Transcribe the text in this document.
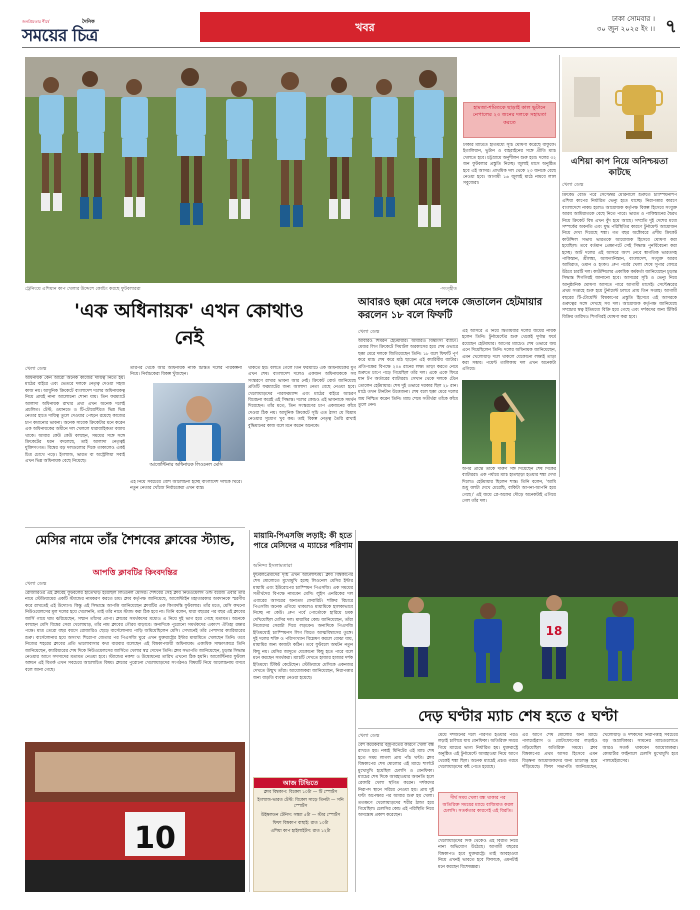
জনপ্রিয়তার শীর্ষে	দৈনিক
সময়ের চিত্র	খবর
ঢাকা সোমবার ।
৩০ জুন ২০২৫ ইং ।। ৭
ট্রেনিংয়ে এশিয়ান কাপ খেলার উদ্দেশে কোচিং করছে ফুটবলাররা	-সংগৃহীত
হামজা-শমিতকে ছাড়াই কাল ভুটানে নেপালের ২৩ জনের দলকে সহায়তা করতে
ঢাকার মাটিতে ইতিমধ্যে সূচি ঘোষণা করেছে বাফুফে। ইতালিয়ান, ভুটান ও বাহরাইনের সঙ্গে প্রীতি ম্যাচ খেলতে হবে। চট্টগ্রামে অনুশীলন শুরু হবে। দলের ৩২ জন ফুটবলার প্রস্তুতি নিচ্ছে। জুলাই মাসে অনুষ্ঠিত হবে এই আসর। প্রাথমিক দল থেকে ২৩ জনকে বেছে নেওয়া হবে। আগামী ১৬ জুলাই মাঠে নামবে লাল সবুজেরা।
এশিয়া কাপ নিয়ে অনিশ্চয়তা কাটছে
খেলা ডেস্ক
ক্রিকেট বোর্ড পরে সেপ্টেম্বর মেরিনালে শুরুতে চ্যাম্পিয়নশিপ এশিয়া কাপের নির্ধারিত ভেন্যু হতে যাচ্ছে। নিরাপত্তার কারণে বাংলাদেশে নাকচ হলেও আয়োজক কর্তৃপক্ষ বিকল্প হিসেবে সংযুক্ত আরব আমিরাতকে বেছে নিতে পারে। ভারত ও পাকিস্তানের দ্বৈরথ নিয়ে ক্রিকেট বিশ্ব এখন বুঁদ হয়ে আছে। সম্প্রতি দুই দেশের মধ্যে সম্পর্কের অবনতি এবং যুদ্ধ পরিস্থিতির কারণে টুর্নামেন্ট আয়োজন নিয়ে দেখা দিয়েছে শঙ্কা। গত বছর অক্টোবরে এশীয় ক্রিকেট কাউন্সিল সভায় ভারতকে আয়োজক হিসেবে ঘোষণা করা হয়েছিল। তবে বর্তমান প্রেক্ষাপটে সেই সিদ্ধান্ত পুনর্বিবেচনা করা হচ্ছে। আট দলের এই আসরে অংশ নেবে স্বাগতিক ভারতসহ পাকিস্তান, শ্রীলঙ্কা, আফগানিস্তান, বাংলাদেশ, সংযুক্ত আরব আমিরাত, ওমান ও হংকং। গ্রুপ পর্বের খেলা শেষে সুপার ফোরে উঠবে চারটি দল। কাউন্সিলের একাধিক কর্মকর্তা জানিয়েছেন চূড়ান্ত সিদ্ধান্ত শিগগিরই জানানো হবে। আসরের সূচি ও ভেন্যু নিয়ে আনুষ্ঠানিক ঘোষণা আসতে পারে আগামী মাসেই। সেপ্টেম্বরের প্রথম সপ্তাহে শুরু হয়ে টুর্নামেন্ট চলবে প্রায় তিন সপ্তাহ। আগামী বছরের টি-টোয়েন্টি বিশ্বকাপের প্রস্তুতি হিসেবে এই আসরকে গুরুত্বের সঙ্গে দেখছে সব দল। আয়োজক কর্তৃপক্ষ জানিয়েছে সম্প্রচার স্বত্ব ইতিমধ্যে বিক্রি হয়ে গেছে এবং দর্শকদের জন্য টিকিট বিক্রির তারিখও শিগগিরই ঘোষণা করা হবে।
'এক অধিনায়ক' এখন কোথাও নেই
খেলা ডেস্ক
অধিনায়ক কেন আরো অনেক কাজের দায়িত্ব নিতে হয়। মাঠের বাইরে এবং ভেতরে দলকে নেতৃত্ব দেওয়া সহজ কাজ নয়। আধুনিক ক্রিকেটে বাংলাদেশ দলের অধিনায়কত্ব নিয়ে প্রায়ই নানা আলোচনা শোনা যায়। তিন ফরম্যাটে আলাদা অধিনায়ক রাখার প্রথা এখন অনেক দলেই প্রচলিত। টেস্ট, ওয়ানডে ও টি-টোয়েন্টিতে ভিন্ন ভিন্ন নেতার হাতে দায়িত্ব তুলে দেওয়ার পেছনে রয়েছে কাজের চাপ কমানোর ভাবনা। অনেক সাবেক ক্রিকেটার মনে করেন এক অধিনায়কের অধীনে দল খেললে ধারাবাহিকতা বজায় থাকে। আবার কেউ কেউ বলছেন, সময়ের সঙ্গে সঙ্গে ক্রিকেটের ধরন বদলেছে, তাই আলাদা নেতৃত্বই যুক্তিসংগত। বিশ্বের বড় দলগুলোর দিকে তাকালেও একই চিত্র চোখে পড়ে। ইংল্যান্ড, ভারত বা অস্ট্রেলিয়া সবাই এখন ভিন্ন অধিনায়ক বেছে নিয়েছে।
তারপর থেকে আর অধিনায়ক নাকি চিন্তিত দলের পরিকল্পনা নিয়ে। নির্বাচকেরা বিকল্প খুঁজছেন।
আর্জেন্টিনার অধিনায়ক লিওনেল মেসি
এই নিয়ে সবচেয়ে বেশি আলোচনা হচ্ছে বাংলাদেশ দলকে ঘিরে। নতুন নেতার খোঁজে নির্বাচকেরা এখন ব্যস্ত।
থাকতে হয়। বলতে গেলে তিন ফরম্যাটে এক অধিনায়কের যুগ এখন শেষ। বাংলাদেশ দলেও একজন অধিনায়ককে সব সংস্করণে রাখার ভাবনা আর নেই। ক্রিকেট বোর্ড জানিয়েছে প্রতিটি ফরম্যাটের জন্য আলাদা নেতা বেছে নেওয়া হবে। খেলোয়াড়দের পারফরম্যান্স এবং মাঠের বাইরে আচরণ বিবেচনা করেই এই সিদ্ধান্ত। দলের কোচও এই ভাবনাকে সমর্থন দিয়েছেন। তাঁর মতে, তিন সংস্করণের চাপ একজনের কাঁধে দেওয়া ঠিক নয়। আধুনিক ক্রিকেটে সূচি এত ঠাসা যে বিশ্রাম নেওয়ার সুযোগ খুব কম। তাই বিকল্প নেতৃত্ব তৈরি রাখাই বুদ্ধিমানের কাজ বলে মনে করেন অনেকে।
আবারও ছক্কা মেরে দলকে জেতালেন হেটমায়ার করলেন ১৮ বলে ফিফটি
খেলা ডেস্ক
আবারও শিমরন হেটমায়ার। আবারও বিধ্বংসী ব্যাটিং। মেজর লিগ ক্রিকেটে সিয়াটল অরকাসের হয়ে শেষ ওভারে ছক্কা মেরে দলকে জিতিয়েছেন তিনি। ১৮ বলে ফিফটি পূর্ণ করে ম্যাচ শেষ করে মাঠ ছাড়েন এই ক্যারিবীয় ব্যাটার। প্রতিপক্ষের বিপক্ষে ২০৪ রানের লক্ষ্য তাড়া করতে নেমে শুরুতে চাপে পড়ে গিয়েছিল তাঁর দল। একে একে ফিরে যান টপ অর্ডারের ব্যাটাররা। সেখান থেকে দলকে টেনে তোলেন হেটমায়ার। শেষ দুই ওভারে দরকার ছিল ২৮ রান। মাঠে তখন টানটান উত্তেজনা। শেষ বলে ছক্কা মেরে দলের জয় নিশ্চিত করেন তিনি। ম্যাচ শেষে সতীর্থরা তাঁকে কাঁধে তুলে নেন।
এই আসরে এ নিয়ে দ্বিতীয়বার দলের জয়ের নায়ক হলেন তিনি। টুর্নামেন্টের শুরু থেকেই দুর্দান্ত ফর্মে রয়েছেন হেটমায়ার। আগের ম্যাচেও শেষ ওভারে জয় এনে দিয়েছিলেন তিনি। দলের অধিনায়ক জানিয়েছেন, এমন খেলোয়াড় দলে থাকলে যেকোনো লক্ষ্যই তাড়া করা সম্ভব। পয়েন্ট তালিকায় দল এখন অনেকটা এগিয়ে।
অপর প্রান্তে তাঁকে দারুণ সঙ্গ দিয়েছেন শেষ দিকের ব্যাটাররা। এক পর্যায়ে ম্যাচ হাতছাড়া হওয়ার শঙ্কা দেখা দিলেও হেটমায়ার ছিলেন শান্ত। তিনি বলেন, 'আমি শুধু বলটা দেখে মেরেছি, বাকিটা আপনা-আপনি হয়ে গেছে।' এই জয়ে প্লে-অফের দৌড়ে অনেকটাই এগিয়ে গেল তাঁর দল।
মেসির নামে তাঁর শৈশবের ক্লাবের স্ট্যান্ড,
আপত্তি ক্লাবটির কিংবদন্তির
খেলা ডেস্ক
রোজারিওর এই ক্লাবেই ফুটবলের হাতেখড়ি হয়েছিল লিওনেল মেসির। শৈশবের সেই ক্লাব নিউওয়েলস ওল্ড বয়েজ এবার তাঁর নামে স্টেডিয়ামের একটি স্ট্যান্ডের নামকরণ করতে চায়। ক্লাব কর্তৃপক্ষ জানিয়েছে, আর্জেন্টাইন মহাতারকার অবদানকে স্মরণীয় করে রাখতেই এই উদ্যোগ। কিন্তু এই সিদ্ধান্তে আপত্তি জানিয়েছেন ক্লাবটির এক কিংবদন্তি ফুটবলার। তাঁর মতে, মেসি কখনো নিউওয়েলসের মূল দলের হয়ে খেলেননি, তাই তাঁর নামে স্ট্যান্ড করা ঠিক হবে না। তিনি বলেন, যারা বছরের পর বছর এই ক্লাবের জার্সি গায়ে ঘাম ঝরিয়েছেন, সম্মান তাঁদের প্রাপ্য। ক্লাবের সমর্থকদের মধ্যেও এ নিয়ে দুই ভাগ হয়ে গেছে মতামত। অনেকে বলছেন মেসি বিশ্বের সেরা খেলোয়াড়, তাঁর নাম ক্লাবের গৌরব বাড়াবে। অন্যদিকে পুরোনো সমর্থকদের একাংশ ঐতিহ্য রক্ষার পক্ষে। মাত্র তেরো বছর বয়সে রোজারিও ছেড়ে বার্সেলোনায় পাড়ি জমিয়েছিলেন মেসি। সেখানেই তাঁর পেশাদার ক্যারিয়ারের শুরু। বার্সেলোনার হয়ে অসংখ্য শিরোপা জেতার পর পিএসজি ঘুরে এখন যুক্তরাষ্ট্রের ইন্টার মায়ামিতে খেলছেন তিনি। তবে নিজের শহরের ক্লাবের প্রতি ভালোবাসার কথা বারবার বলেছেন এই বিশ্বকাপজয়ী অধিনায়ক। একাধিক সাক্ষাৎকারে তিনি জানিয়েছেন, ক্যারিয়ারের শেষ দিকে নিউওয়েলসের জার্সিতে খেলার স্বপ্ন দেখেন তিনি। ক্লাব সভাপতি জানিয়েছেন, চূড়ান্ত সিদ্ধান্ত নেওয়ার আগে সদস্যদের মতামত নেওয়া হবে। স্ট্যান্ডের নকশা ও উদ্বোধনের তারিখ এখনো ঠিক হয়নি। আর্জেন্টিনার ফুটবল অঙ্গনে এই বিতর্ক এখন সবচেয়ে আলোচিত বিষয়। ক্লাবের পুরোনো খেলোয়াড়দের সংগঠনও বিষয়টি নিয়ে আলোচনায় বসবে বলে জানা গেছে।
10
আজ টিভিতে
ক্লাব বিশ্বকাপ: বিকেল ১০টা — টি স্পোর্টস
ইংল্যান্ড-ভারত টেস্ট: বিকেল সাড়ে তিনটা — সনি স্পোর্টস
উইম্বলডন টেনিস: সন্ধ্যা ৫টা — স্টার স্পোর্টস
ফিফা বিশ্বকাপ বাছাই: রাত ১০টা
এশিয়া কাপ হাইলাইটস: রাত ১২টা
মায়ামি-পিএসজি লড়াই: কী হতে পারে মেসিদের এ ম্যাচের পরিণাম
অনিন্দ্য ইসলামতারা
ফুটবলপ্রেমীদের দৃষ্টি এখন আটলান্টায়। ক্লাব বিশ্বকাপের শেষ ষোলোতে মুখোমুখি হচ্ছে লিওনেল মেসির ইন্টার মায়ামি এবং ইউরোপের চ্যাম্পিয়ন পিএসজি। এক সময়ের সতীর্থদের বিপক্ষে নামবেন মেসি। লুইস এনরিকের দল এবারের আসরের অন্যতম ফেবারিট। শক্তির বিচারে পিএসজি অনেক এগিয়ে থাকলেও মায়ামিকে হালকাভাবে নিচ্ছে না কেউ। গ্রুপ পর্বে পোর্তোকে হারিয়ে চমক দেখিয়েছিল মেসির দল। মায়ামির কোচ জানিয়েছেন, তাঁরা নিজেদের সেরাটা দিয়ে লড়বেন। অন্যদিকে পিএসজি ইতিমধ্যেই চ্যাম্পিয়নস লিগ জিতে আত্মবিশ্বাসের তুঙ্গে। দুই দলের শক্তি ও পরিসংখ্যান বিশ্লেষণ করলে বোঝা যায়, মায়ামির জন্য কাজটা কঠিন। তবে ফুটবলে অঘটন নতুন কিছু নয়। মেসির জাদুতে যেকোনো কিছু হতে পারে বলে মনে করছেন সমর্থকরা। ম্যাচটি দেখতে হাজার হাজার দর্শক ইতিমধ্যে টিকিট কেটেছেন। স্টেডিয়ামে মেসিকে একনজর দেখতে উন্মুখ তাঁরা। আয়োজকরা জানিয়েছেন, নিরাপত্তার জন্য বাড়তি ব্যবস্থা নেওয়া হয়েছে।
18
দেড় ঘণ্টার ম্যাচ শেষ হতে ৫ ঘণ্টা
খেলা ডেস্ক
বেশ কয়েকবার বজ্রপাতের কারণে খেলা বন্ধ রাখতে হয়। নব্বই মিনিটের এই ম্যাচ শেষ হতে সময় লাগল প্রায় পাঁচ ঘণ্টা। ক্লাব বিশ্বকাপের শেষ ষোলোর এই ম্যাচে শার্লটে মুখোমুখি হয়েছিল চেলসি ও বেনফিকা। ম্যাচের শেষ দিকে আবহাওয়ার অবনতি হলে রেফারি খেলা স্থগিত করেন। দর্শকদের নিরাপদ স্থানে সরিয়ে নেওয়া হয়। প্রায় দুই ঘণ্টা অপেক্ষার পর আবার শুরু হয় খেলা। ততক্ষণে খেলোয়াড়দের শরীর ঠান্ডা হয়ে গিয়েছিল। চেলসির কোচ এই পরিস্থিতি নিয়ে অসন্তোষ প্রকাশ করেছেন।
মেয়ে দশজনের দলে পরিণত হওয়ার পরও লড়াই চালিয়ে যায় বেনফিকা। অতিরিক্ত সময়ে গিয়ে ম্যাচের ভাগ্য নির্ধারিত হয়। যুক্তরাষ্ট্রে অনুষ্ঠিত এই টুর্নামেন্টে আবহাওয়া নিয়ে আগে থেকেই শঙ্কা ছিল। অনেক ম্যাচেই প্রচণ্ড গরমে খেলোয়াড়দের কষ্ট পেতে হয়েছে।
দীর্ঘ সময় খেলা বন্ধ থাকার পর অতিরিক্ত সময়ের ম্যাচে বাজিমাত করল চেলসি। সতর্কতার কারণেই এই বিরতি।
খেলোয়াড়দের দিক থেকেও এই বিরতি নিয়ে নানা অভিযোগ উঠেছে। আগামী বছরের বিশ্বকাপও হবে যুক্তরাষ্ট্রে। তাই আবহাওয়া নিয়ে এখনই ভাবতে হবে ফিফাকে, এমনটাই মনে করছেন বিশেষজ্ঞরা।
এর আগে শেষ ষোলোর অন্য ম্যাচে পালমেইরাস ও বোটাফোগোর লড়াইও গড়িয়েছিল অতিরিক্ত সময়ে। ক্লাব বিশ্বকাপের প্রথম আসর হিসেবে এমন বিড়ম্বনা আয়োজকদের জন্য চ্যালেঞ্জ হয়ে দাঁড়িয়েছে। ফিফা সভাপতি জানিয়েছেন, খেলোয়াড় ও দর্শকদের নিরাপত্তাই সবচেয়ে বড় অগ্রাধিকার। সামনের ম্যাচগুলোতে আরও সতর্ক থাকবেন আয়োজকরা। কোয়ার্টার ফাইনালে চেলসি মুখোমুখি হবে পালমেইরাসের।
